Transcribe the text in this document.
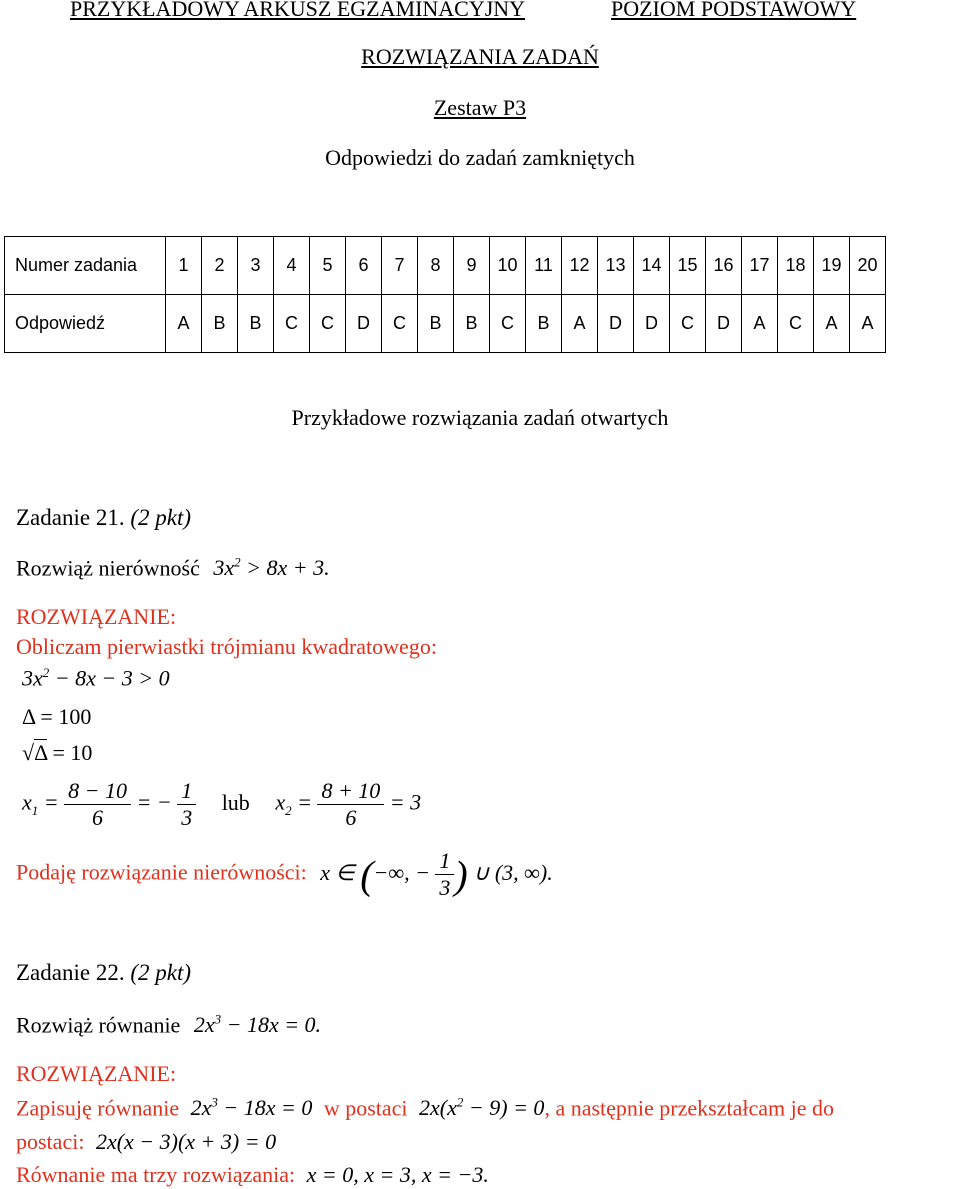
PRZYKŁADOWY ARKUSZ EGZAMINACYJNY	POZIOM PODSTAWOWY
ROZWIĄZANIA ZADAŃ
Zestaw P3
Odpowiedzi do zadań zamkniętych
Numer zadania	1	2	3	4	5	6	7	8	9	10	11	12	13	14	15	16	17	18	19	20
Odpowiedź	A	B	B	C	C	D	C	B	B	C	B	A	D	D	C	D	A	C	A	A
Przykładowe rozwiązania zadań otwartych
Zadanie 21. (2 pkt)
Rozwiąż nierówność $3x^2 > 8x + 3$.
ROZWIĄZANIE:
Obliczam pierwiastki trójmianu kwadratowego:
$3x^2 - 8x - 3 > 0$
Δ = 100
√Δ = 10
$x_1 = \frac{8 - 10}{6}$ = − $\frac{1}{3}$ lub $x_2 = \frac{8 + 10}{6} = 3$
Podaję rozwiązanie nierówności: x ∈ (−∞, − $\frac{1}{3}$ ) ∪ (3, ∞).
Zadanie 22. (2 pkt)
Rozwiąż równanie $2x^3 - 18x = 0$.
ROZWIĄZANIE:
Zapisuję równanie $2x^3 - 18x = 0$ w postaci $2x(x^2 - 9) = 0$, a następnie przekształcam je do
postaci: 2x(x − 3)(x + 3) = 0
Równanie ma trzy rozwiązania: x = 0, x = 3, x = −3.
